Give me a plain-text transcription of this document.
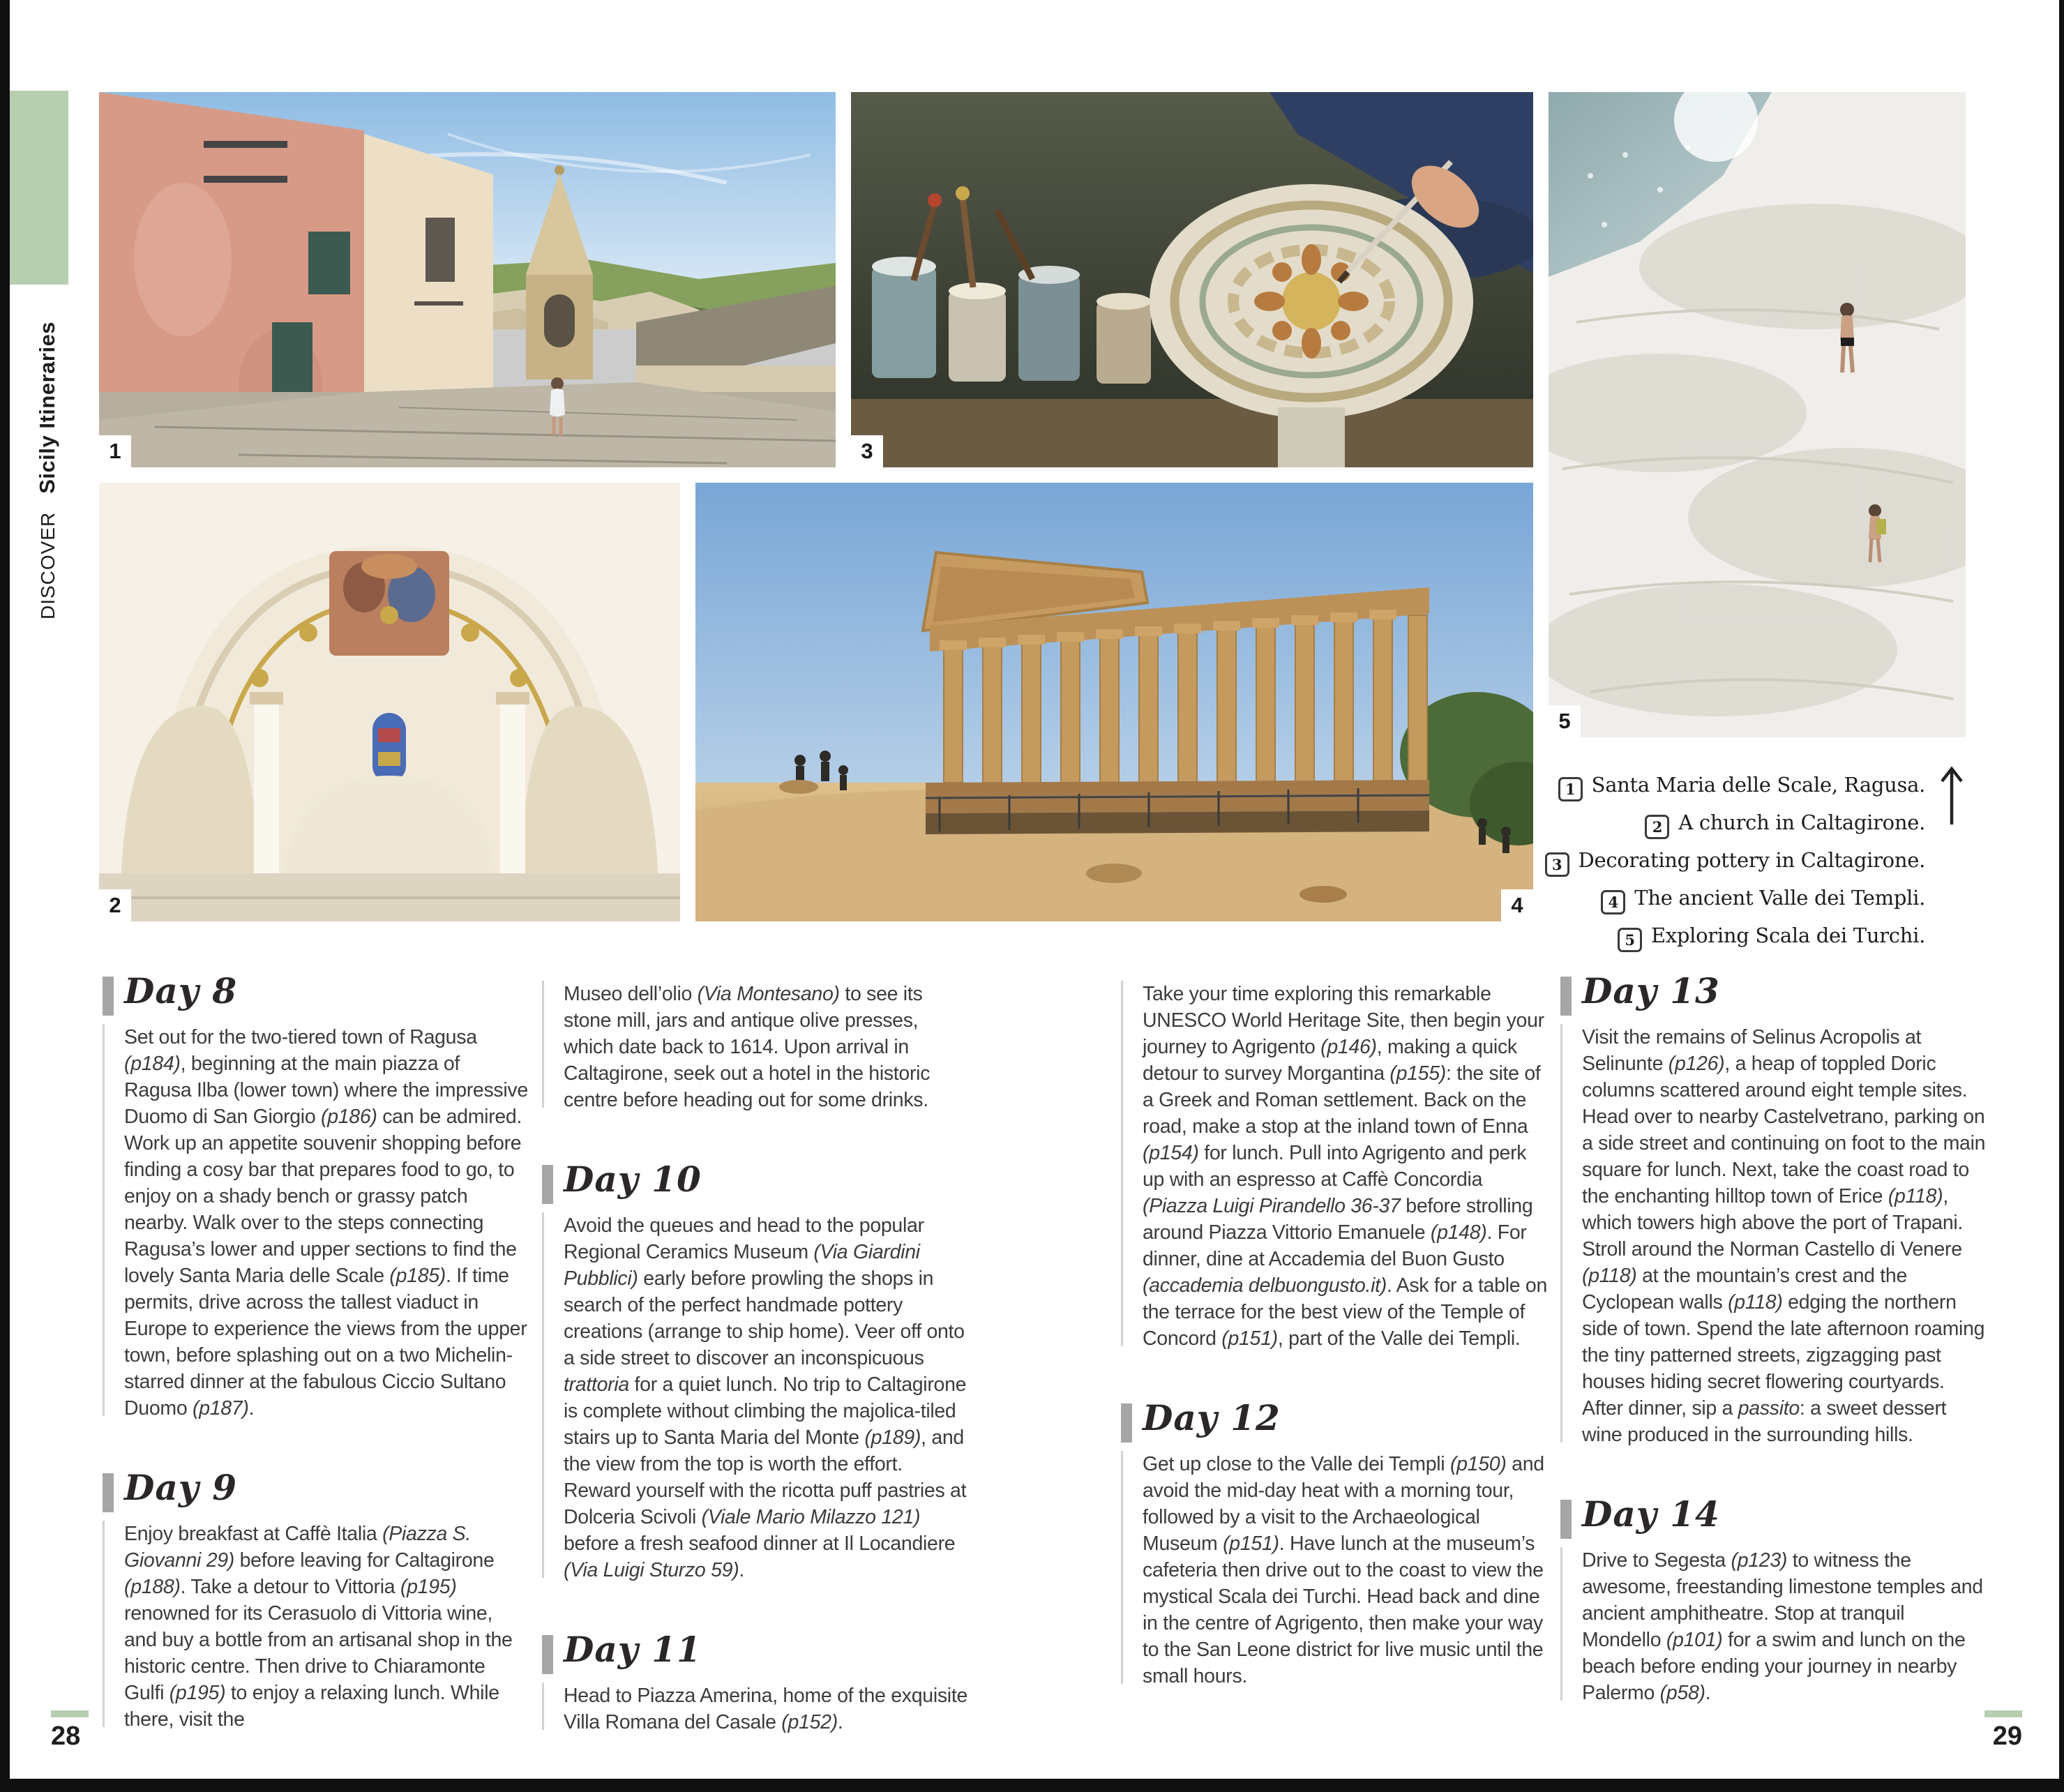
DISCOVERSicily Itineraries	1	3
5
2	4
1 Santa Maria delle Scale, Ragusa.
2 A church in Caltagirone.
3 Decorating pottery in Caltagirone.
4 The ancient Valle dei Templi.
5 Exploring Scala dei Turchi.
Day 8

Set out for the two-tiered town of Ragusa (p184), beginning at the main piazza of Ragusa Ilba (lower town) where the impressive Duomo di San Giorgio (p186) can be admired. Work up an appetite souvenir shopping before finding a cosy bar that prepares food to go, to enjoy on a shady bench or grassy patch nearby. Walk over to the steps connecting Ragusa’s lower and upper sections to find the lovely Santa Maria delle Scale (p185). If time permits, drive across the tallest viaduct in Europe to experience the views from the upper town, before splashing out on a two Michelin-starred dinner at the fabulous Ciccio Sultano Duomo (p187).

Day 9

Enjoy breakfast at Caffè Italia (Piazza S. Giovanni 29) before leaving for Caltagirone (p188). Take a detour to Vittoria (p195) renowned for its Cerasuolo di Vittoria wine, and buy a bottle from an artisanal shop in the historic centre. Then drive to Chiaramonte Gulfi (p195) to enjoy a relaxing lunch. While there, visit the

Museo dell’olio (Via Montesano) to see its stone mill, jars and antique olive presses, which date back to 1614. Upon arrival in Caltagirone, seek out a hotel in the historic centre before heading out for some drinks.

Day 10

Avoid the queues and head to the popular Regional Ceramics Museum (Via Giardini Pubblici) early before prowling the shops in search of the perfect handmade pottery creations (arrange to ship home). Veer off onto a side street to discover an inconspicuous trattoria for a quiet lunch. No trip to Caltagirone is complete without climbing the majolica-tiled stairs up to Santa Maria del Monte (p189), and the view from the top is worth the effort. Reward yourself with the ricotta puff pastries at Dolceria Scivoli (Viale Mario Milazzo 121) before a fresh seafood dinner at Il Locandiere (Via Luigi Sturzo 59).

Day 11

Head to Piazza Amerina, home of the exquisite Villa Romana del Casale (p152).

Take your time exploring this remarkable UNESCO World Heritage Site, then begin your journey to Agrigento (p146), making a quick detour to survey Morgantina (p155): the site of a Greek and Roman settlement. Back on the road, make a stop at the inland town of Enna (p154) for lunch. Pull into Agrigento and perk up with an espresso at Caffè Concordia (Piazza Luigi Pirandello 36-37 before strolling around Piazza Vittorio Emanuele (p148). For dinner, dine at Accademia del Buon Gusto (accademia delbuongusto.it). Ask for a table on the terrace for the best view of the Temple of Concord (p151), part of the Valle dei Templi.

Day 12

Get up close to the Valle dei Templi (p150) and avoid the mid-day heat with a morning tour, followed by a visit to the Archaeological Museum (p151). Have lunch at the museum’s cafeteria then drive out to the coast to view the mystical Scala dei Turchi. Head back and dine in the centre of Agrigento, then make your way to the San Leone district for live music until the small hours.

Day 13

Visit the remains of Selinus Acropolis at Selinunte (p126), a heap of toppled Doric columns scattered around eight temple sites. Head over to nearby Castelvetrano, parking on a side street and continuing on foot to the main square for lunch. Next, take the coast road to the enchanting hilltop town of Erice (p118), which towers high above the port of Trapani. Stroll around the Norman Castello di Venere (p118) at the mountain’s crest and the Cyclopean walls (p118) edging the northern side of town. Spend the late afternoon roaming the tiny patterned streets, zigzagging past houses hiding secret flowering courtyards. After dinner, sip a passito: a sweet dessert wine produced in the surrounding hills.

Day 14

Drive to Segesta (p123) to witness the awesome, freestanding limestone temples and ancient amphitheatre. Stop at tranquil Mondello (p101) for a swim and lunch on the beach before ending your journey in nearby Palermo (p58).

28	29
